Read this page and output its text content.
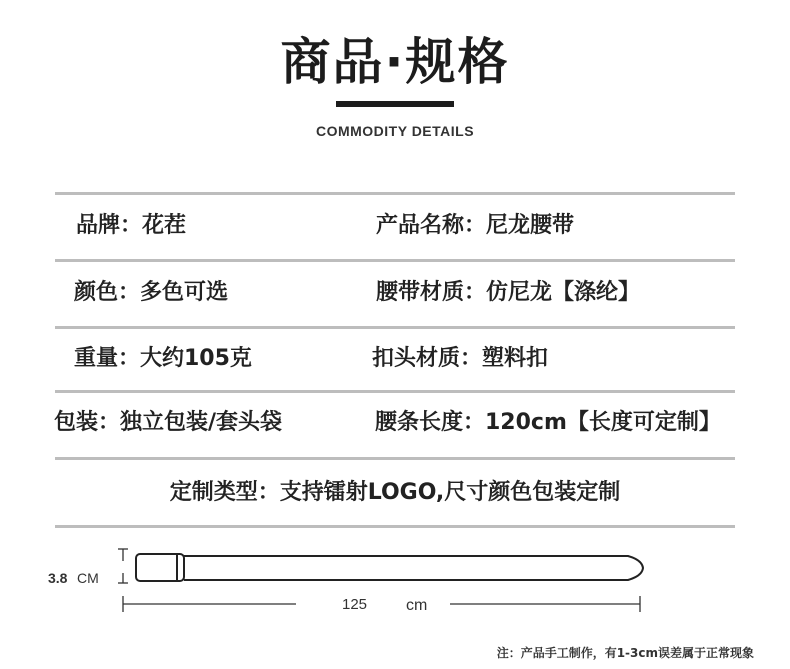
商品·规格
COMMODITY DETAILS
品牌：花茬	产品名称：尼龙腰带
颜色：多色可选	腰带材质：仿尼龙【涤纶】
重量：大约105克	扣头材质：塑料扣
包装：独立包装/套头袋	腰条长度：120cm【长度可定制】
定制类型：支持镭射LOGO,尺寸颜色包装定制
3.8 CM
125 cm
注：产品手工制作，有1-3cm误差属于正常现象
